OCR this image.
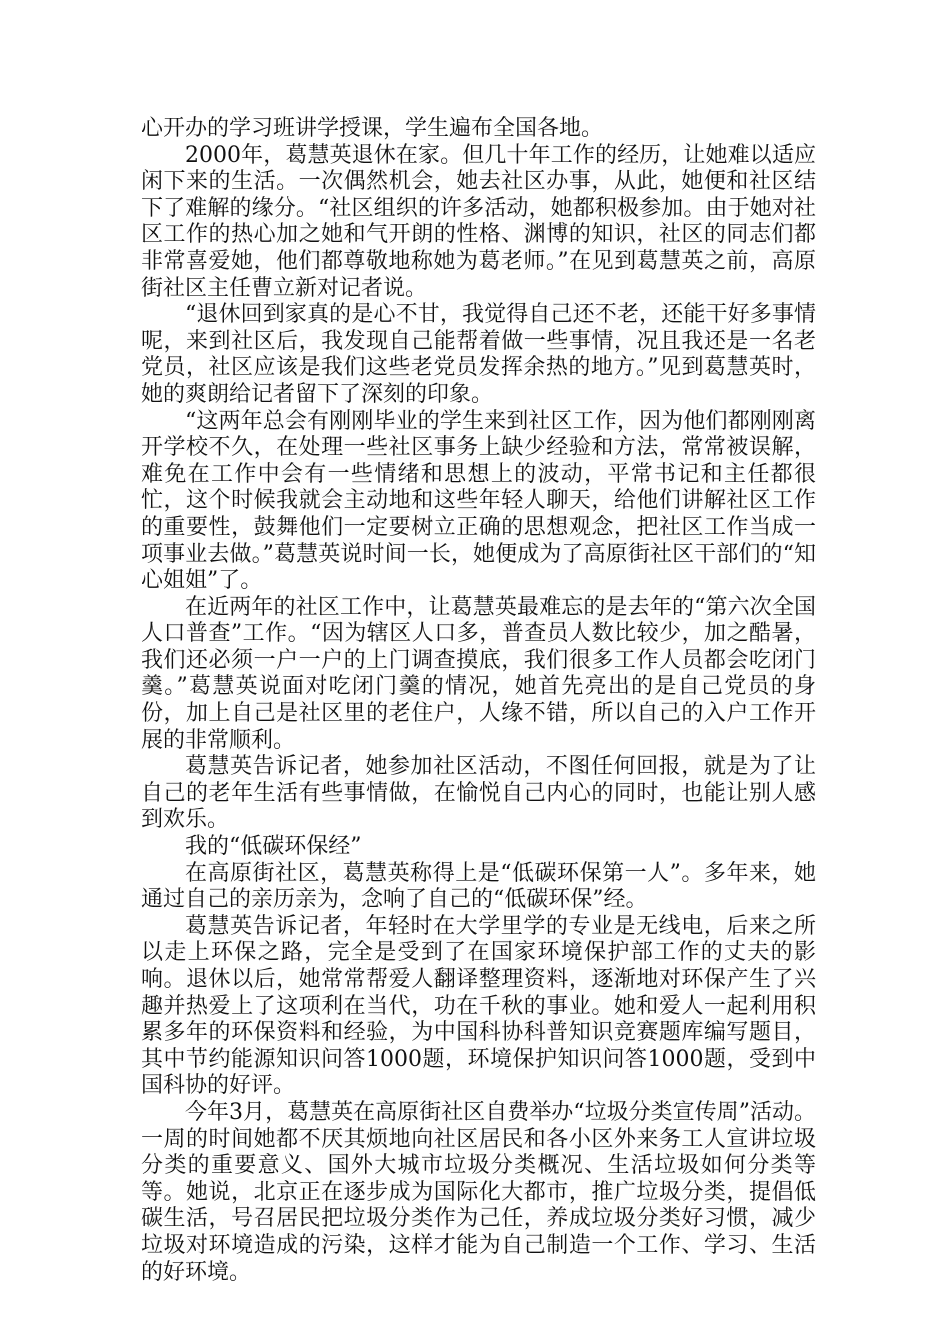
心开办的学习班讲学授课，学生遍布全国各地。

2000年，葛慧英退休在家。但几十年工作的经历，让她难以适应闲下来的生活。一次偶然机会，她去社区办事，从此，她便和社区结下了难解的缘分。“社区组织的许多活动，她都积极参加。由于她对社区工作的热心加之她和气开朗的性格、渊博的知识，社区的同志们都非常喜爱她，他们都尊敬地称她为葛老师。”在见到葛慧英之前，高原街社区主任曹立新对记者说。

“退休回到家真的是心不甘，我觉得自己还不老，还能干好多事情呢，来到社区后，我发现自己能帮着做一些事情，况且我还是一名老党员，社区应该是我们这些老党员发挥余热的地方。”见到葛慧英时，她的爽朗给记者留下了深刻的印象。

“这两年总会有刚刚毕业的学生来到社区工作，因为他们都刚刚离开学校不久，在处理一些社区事务上缺少经验和方法，常常被误解，难免在工作中会有一些情绪和思想上的波动，平常书记和主任都很忙，这个时候我就会主动地和这些年轻人聊天，给他们讲解社区工作的重要性，鼓舞他们一定要树立正确的思想观念，把社区工作当成一项事业去做。”葛慧英说时间一长，她便成为了高原街社区干部们的“知心姐姐”了。

在近两年的社区工作中，让葛慧英最难忘的是去年的“第六次全国人口普查”工作。“因为辖区人口多，普查员人数比较少，加之酷暑，我们还必须一户一户的上门调查摸底，我们很多工作人员都会吃闭门羹。”葛慧英说面对吃闭门羹的情况，她首先亮出的是自己党员的身份，加上自己是社区里的老住户，人缘不错，所以自己的入户工作开展的非常顺利。

葛慧英告诉记者，她参加社区活动，不图任何回报，就是为了让自己的老年生活有些事情做，在愉悦自己内心的同时，也能让别人感到欢乐。

我的“低碳环保经”

在高原街社区，葛慧英称得上是“低碳环保第一人”。多年来，她通过自己的亲历亲为，念响了自己的“低碳环保”经。

葛慧英告诉记者，年轻时在大学里学的专业是无线电，后来之所以走上环保之路，完全是受到了在国家环境保护部工作的丈夫的影响。退休以后，她常常帮爱人翻译整理资料，逐渐地对环保产生了兴趣并热爱上了这项利在当代，功在千秋的事业。她和爱人一起利用积累多年的环保资料和经验，为中国科协科普知识竞赛题库编写题目，其中节约能源知识问答1000题，环境保护知识问答1000题，受到中国科协的好评。

今年3月，葛慧英在高原街社区自费举办“垃圾分类宣传周”活动。一周的时间她都不厌其烦地向社区居民和各小区外来务工人宣讲垃圾分类的重要意义、国外大城市垃圾分类概况、生活垃圾如何分类等等。她说，北京正在逐步成为国际化大都市，推广垃圾分类，提倡低碳生活，号召居民把垃圾分类作为己任，养成垃圾分类好习惯，减少垃圾对环境造成的污染，这样才能为自己制造一个工作、学习、生活的好环境。
